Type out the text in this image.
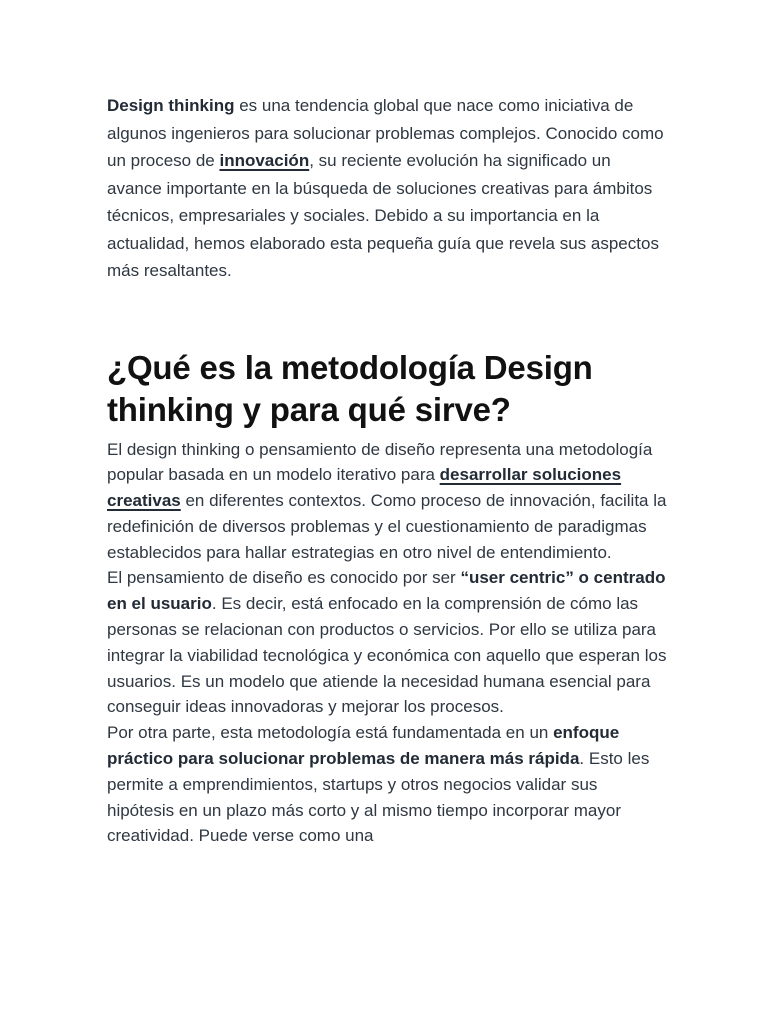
Design thinking es una tendencia global que nace como iniciativa de algunos ingenieros para solucionar problemas complejos. Conocido como un proceso de innovación, su reciente evolución ha significado un avance importante en la búsqueda de soluciones creativas para ámbitos técnicos, empresariales y sociales. Debido a su importancia en la actualidad, hemos elaborado esta pequeña guía que revela sus aspectos más resaltantes.

¿Qué es la metodología Design thinking y para qué sirve?

El design thinking o pensamiento de diseño representa una metodología popular basada en un modelo iterativo para desarrollar soluciones creativas en diferentes contextos. Como proceso de innovación, facilita la redefinición de diversos problemas y el cuestionamiento de paradigmas establecidos para hallar estrategias en otro nivel de entendimiento.

El pensamiento de diseño es conocido por ser “user centric” o centrado en el usuario. Es decir, está enfocado en la comprensión de cómo las personas se relacionan con productos o servicios. Por ello se utiliza para integrar la viabilidad tecnológica y económica con aquello que esperan los usuarios. Es un modelo que atiende la necesidad humana esencial para conseguir ideas innovadoras y mejorar los procesos.

Por otra parte, esta metodología está fundamentada en un enfoque práctico para solucionar problemas de manera más rápida. Esto les permite a emprendimientos, startups y otros negocios validar sus hipótesis en un plazo más corto y al mismo tiempo incorporar mayor creatividad. Puede verse como una
